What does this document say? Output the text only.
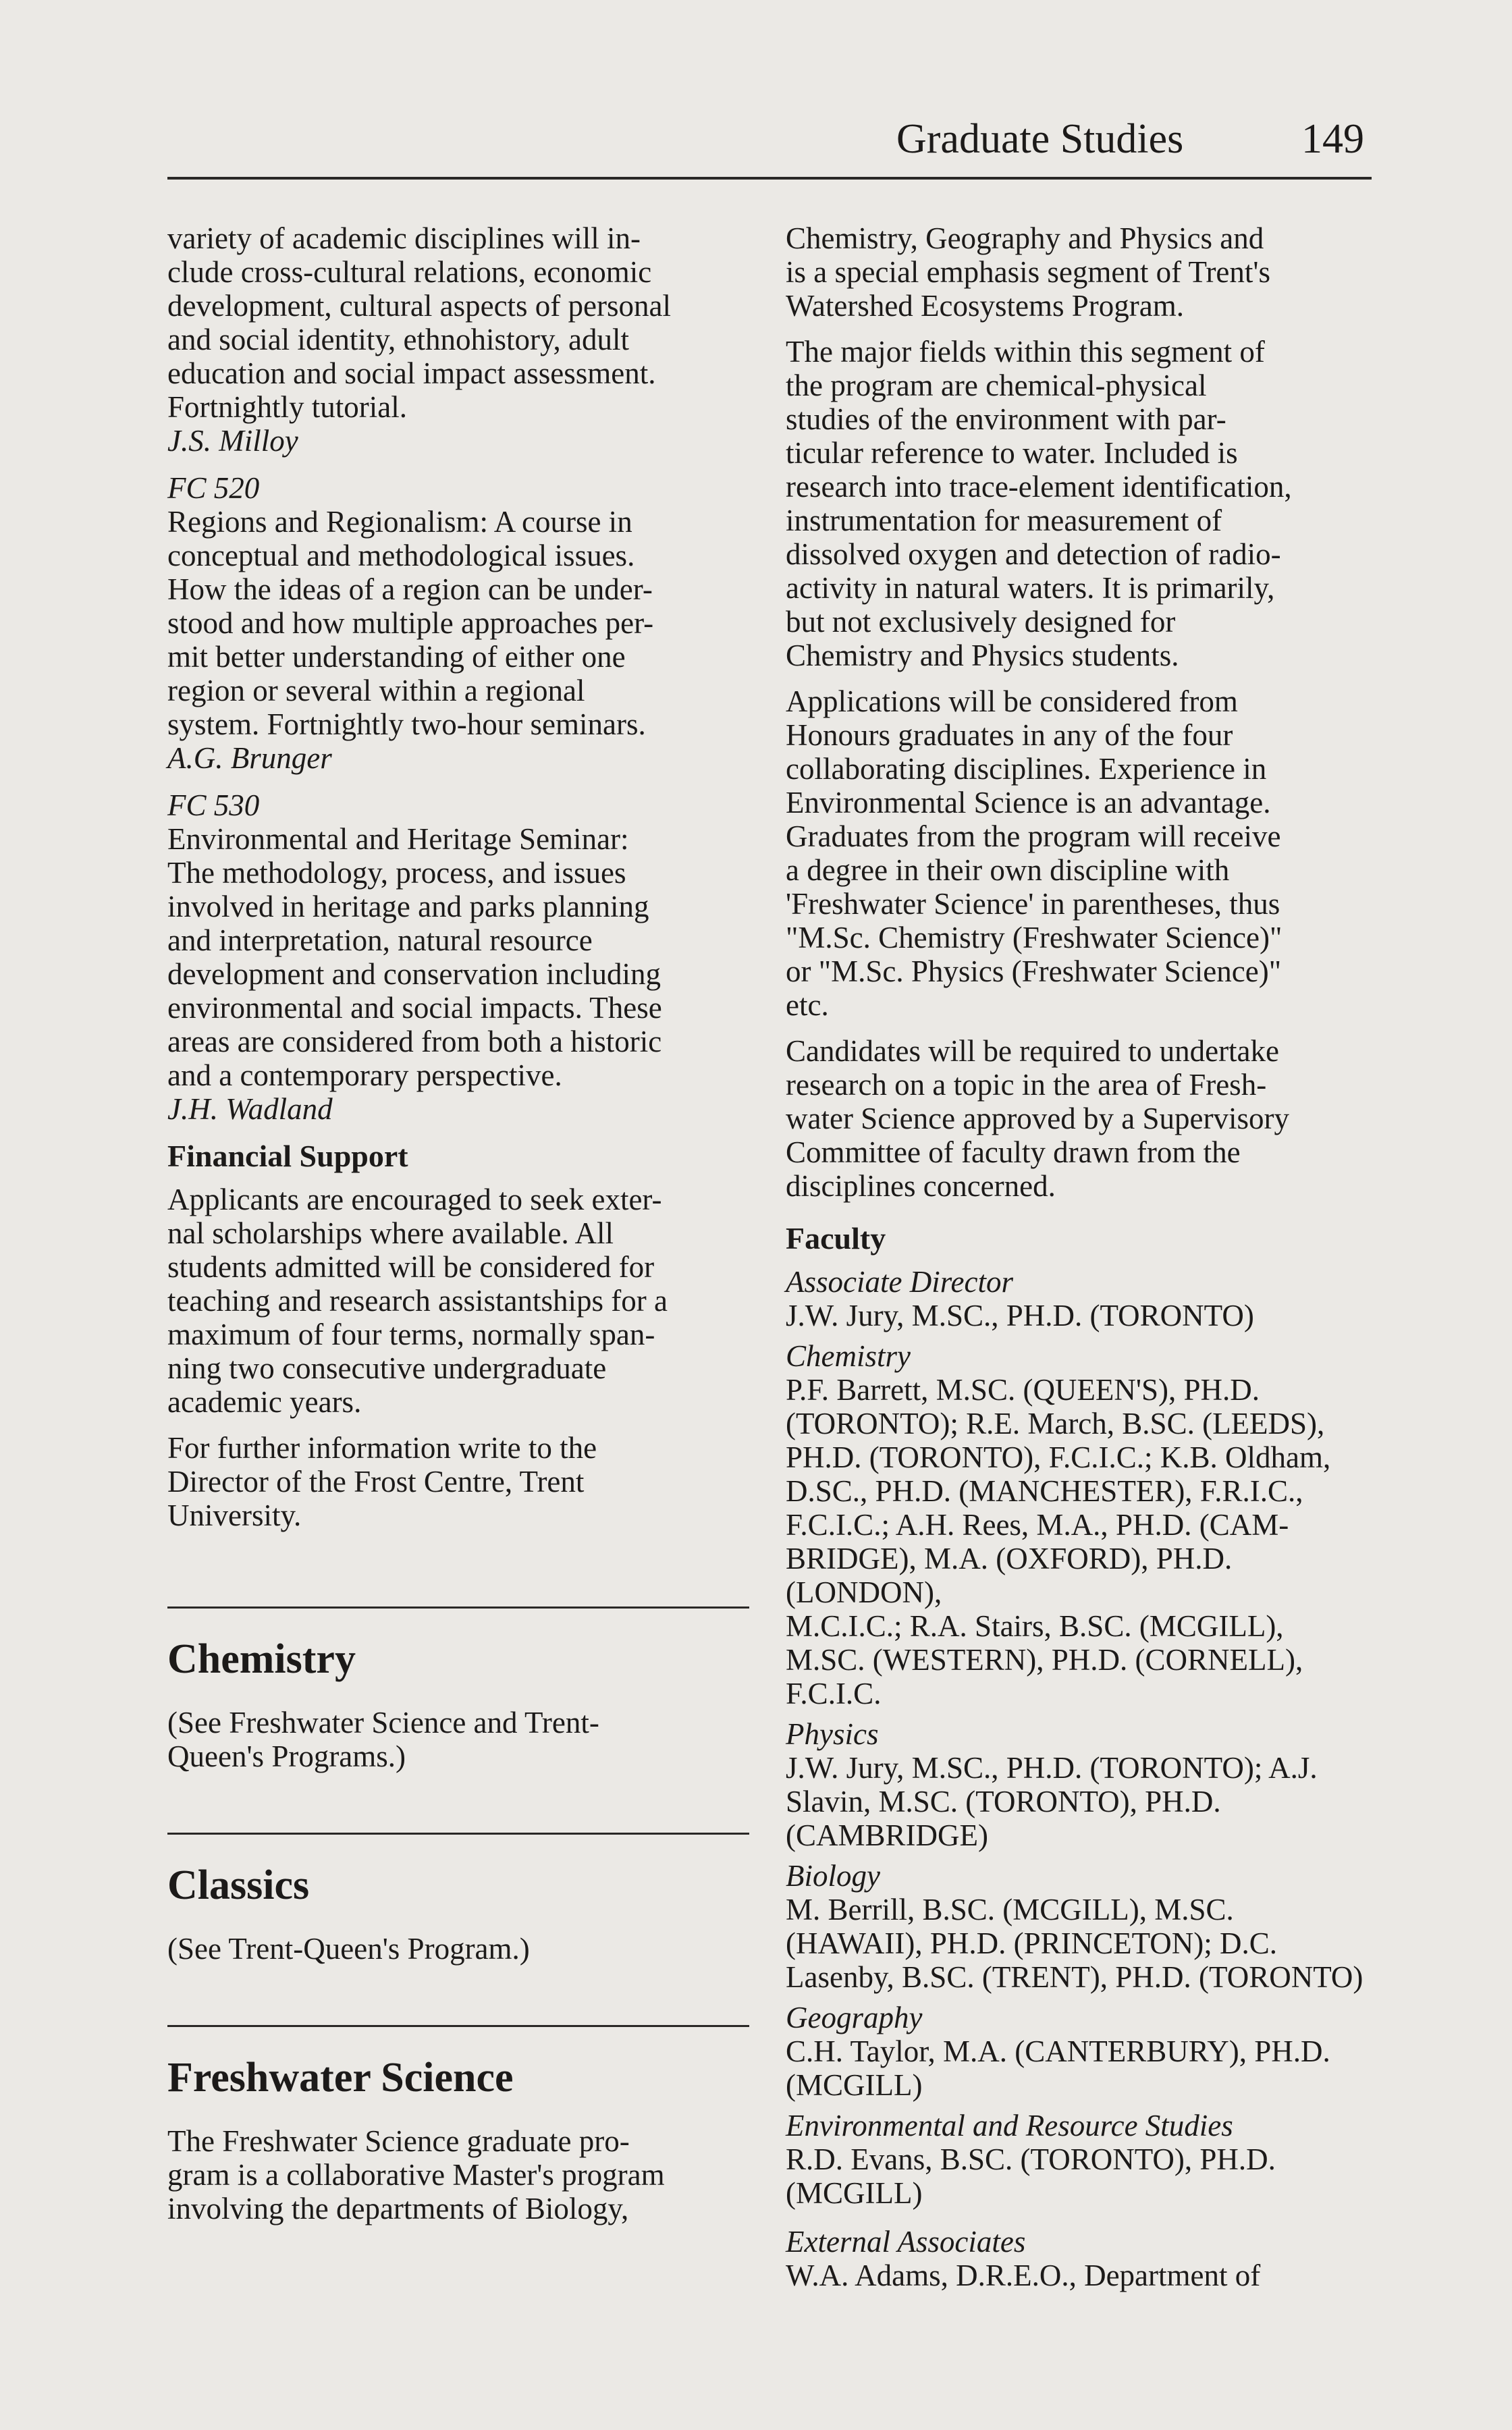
Graduate Studies	149

variety of academic disciplines will in-
clude cross-cultural relations, economic
development, cultural aspects of personal
and social identity, ethnohistory, adult
education and social impact assessment.
Fortnightly tutorial.

J.S. Milloy

FC 520

Regions and Regionalism: A course in
conceptual and methodological issues.
How the ideas of a region can be under-
stood and how multiple approaches per-
mit better understanding of either one
region or several within a regional
system. Fortnightly two-hour seminars.

A.G. Brunger

FC 530

Environmental and Heritage Seminar:
The methodology, process, and issues
involved in heritage and parks planning
and interpretation, natural resource
development and conservation including
environmental and social impacts. These
areas are considered from both a historic
and a contemporary perspective.

J.H. Wadland

Financial Support

Applicants are encouraged to seek exter-
nal scholarships where available. All
students admitted will be considered for
teaching and research assistantships for a
maximum of four terms, normally span-
ning two consecutive undergraduate
academic years.

For further information write to the
Director of the Frost Centre, Trent
University.

Chemistry

(See Freshwater Science and Trent-
Queen's Programs.)

Classics

(See Trent-Queen's Program.)

Freshwater Science

The Freshwater Science graduate pro-
gram is a collaborative Master's program
involving the departments of Biology,

Chemistry, Geography and Physics and
is a special emphasis segment of Trent's
Watershed Ecosystems Program.

The major fields within this segment of
the program are chemical-physical
studies of the environment with par-
ticular reference to water. Included is
research into trace-element identification,
instrumentation for measurement of
dissolved oxygen and detection of radio-
activity in natural waters. It is primarily,
but not exclusively designed for
Chemistry and Physics students.

Applications will be considered from
Honours graduates in any of the four
collaborating disciplines. Experience in
Environmental Science is an advantage.
Graduates from the program will receive
a degree in their own discipline with
'Freshwater Science' in parentheses, thus
"M.Sc. Chemistry (Freshwater Science)"
or "M.Sc. Physics (Freshwater Science)"
etc.

Candidates will be required to undertake
research on a topic in the area of Fresh-
water Science approved by a Supervisory
Committee of faculty drawn from the
disciplines concerned.

Faculty

Associate Director

J.W. Jury, M.SC., PH.D. (TORONTO)

Chemistry

P.F. Barrett, M.SC. (QUEEN'S), PH.D.
(TORONTO); R.E. March, B.SC. (LEEDS),
PH.D. (TORONTO), F.C.I.C.; K.B. Oldham,
D.SC., PH.D. (MANCHESTER), F.R.I.C.,
F.C.I.C.; A.H. Rees, M.A., PH.D. (CAM-
BRIDGE), M.A. (OXFORD), PH.D. (LONDON),
M.C.I.C.; R.A. Stairs, B.SC. (MCGILL),
M.SC. (WESTERN), PH.D. (CORNELL), F.C.I.C.

Physics

J.W. Jury, M.SC., PH.D. (TORONTO); A.J.
Slavin, M.SC. (TORONTO), PH.D.
(CAMBRIDGE)

Biology

M. Berrill, B.SC. (MCGILL), M.SC.
(HAWAII), PH.D. (PRINCETON); D.C.
Lasenby, B.SC. (TRENT), PH.D. (TORONTO)

Geography

C.H. Taylor, M.A. (CANTERBURY), PH.D.
(MCGILL)

Environmental and Resource Studies

R.D. Evans, B.SC. (TORONTO), PH.D.
(MCGILL)

External Associates

W.A. Adams, D.R.E.O., Department of
